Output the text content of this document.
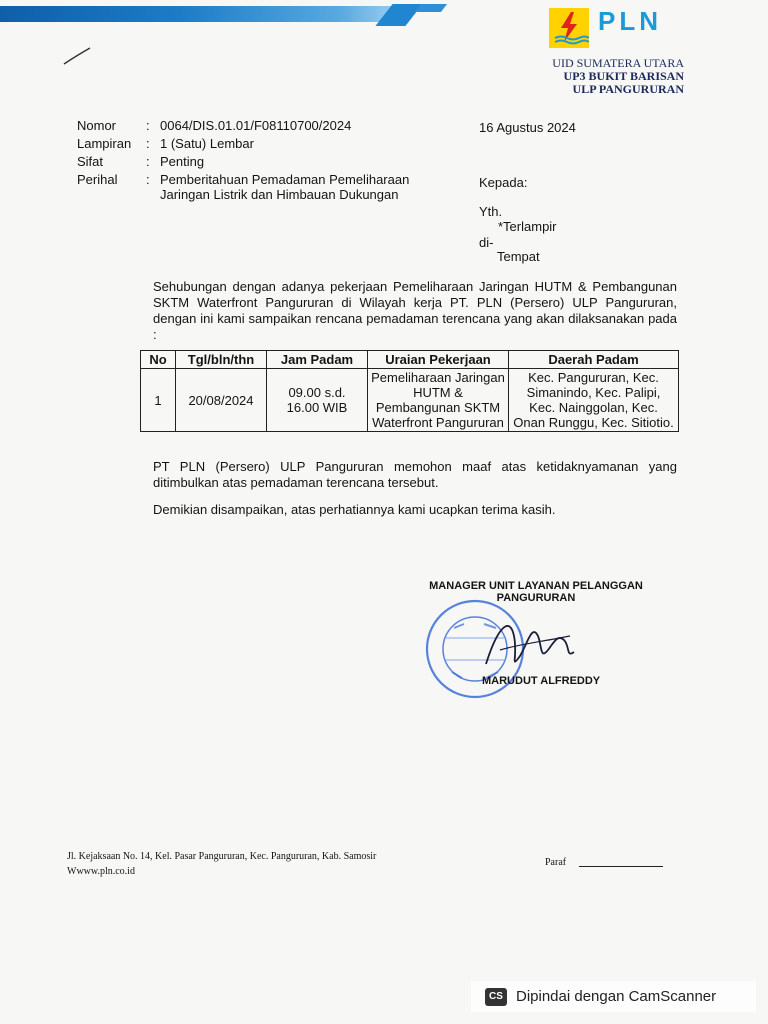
PLN
UID SUMATERA UTARA
UP3 BUKIT BARISAN
ULP PANGURURAN
Nomor : 0064/DIS.01.01/F08110700/2024
Lampiran : 1 (Satu) Lembar
Sifat	: Penting
Perihal : Pemberitahuan Pemadaman Pemeliharaan
Jaringan Listrik dan Himbauan Dukungan
16 Agustus 2024
Kepada:
Yth.
*Terlampir
di-
Tempat
Sehubungan dengan adanya pekerjaan Pemeliharaan Jaringan HUTM & Pembangunan SKTM Waterfront Pangururan di Wilayah kerja PT. PLN (Persero) ULP Pangururan, dengan ini kami sampaikan rencana pemadaman terencana yang akan dilaksanakan pada :
No	Tgl/bln/thn	Jam Padam	Uraian Pekerjaan	Daerah Padam
1	20/08/2024	09.00 s.d. 16.00 WIB	Pemeliharaan Jaringan HUTM & Pembangunan SKTM Waterfront Pangururan	Kec. Pangururan, Kec. Simanindo, Kec. Palipi, Kec. Nainggolan, Kec. Onan Runggu, Kec. Sitiotio.
PT PLN (Persero) ULP Pangururan memohon maaf atas ketidaknyamanan yang ditimbulkan atas pemadaman terencana tersebut.
Demikian disampaikan, atas perhatiannya kami ucapkan terima kasih.
MANAGER UNIT LAYANAN PELANGGAN
PANGURURAN
MARUDUT ALFREDDY
Jl. Kejaksaan No. 14, Kel. Pasar Pangururan, Kec. Pangururan, Kab. Samosir
Wwww.pln.co.id
Paraf
CS Dipindai dengan CamScanner
